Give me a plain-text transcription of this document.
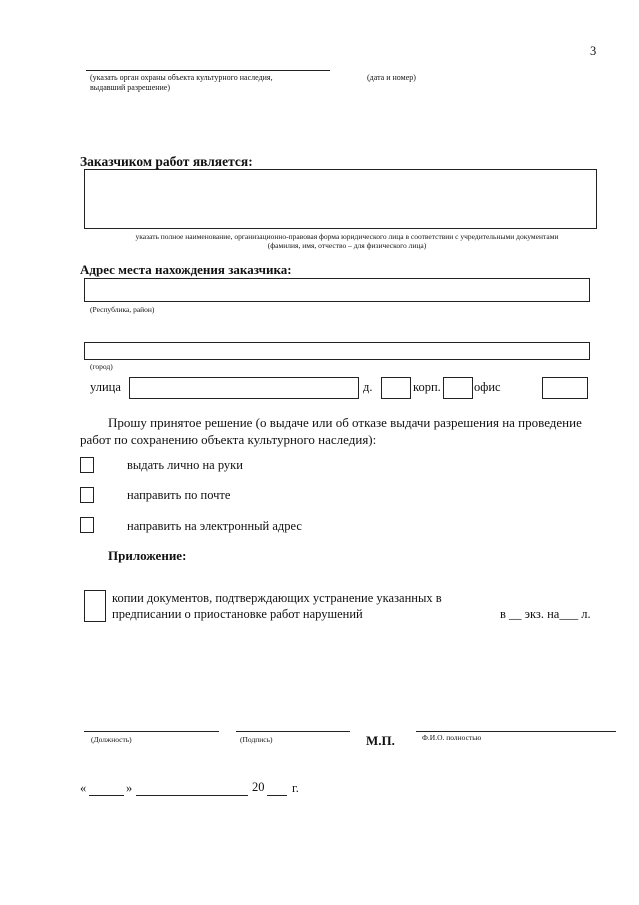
3
(указать орган охраны объекта культурного наследия,
выдавший разрешение)
(дата и номер)
Заказчиком работ является:
указать полное наименование, организационно-правовая форма юридического лица в соответствии с учредительными документами
(фамилия, имя, отчество – для физического лица)
Адрес места нахождения заказчика:
(Республика, район)
(город)
улица	д.	корп.	офис
Прошу принятое решение (о выдаче или об отказе выдачи разрешения на проведение
работ по сохранению объекта культурного наследия):
выдать лично на руки
направить по почте
направить на электронный адрес
Приложение:
копии документов, подтверждающих устранение указанных в
предписании о приостановке работ нарушений	в __ экз. на___ л.
(Должность)	(Подпись)	М.П.	Ф.И.О. полностью
«	»	20 г.
